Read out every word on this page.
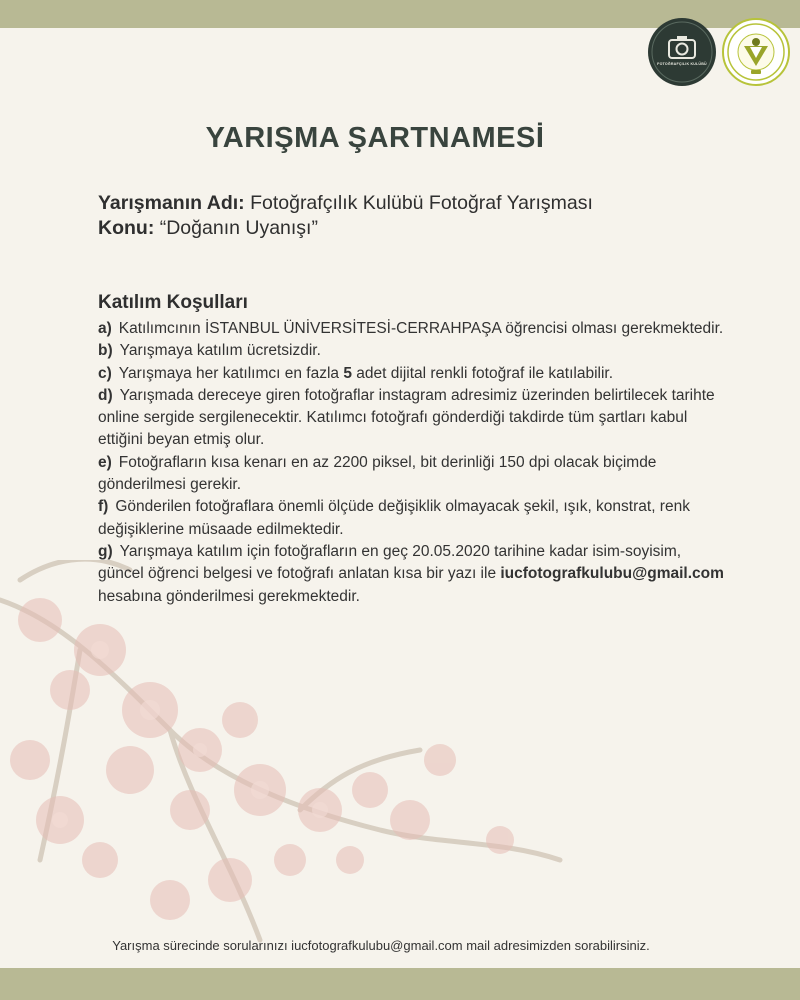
FOTOĞRAFÇILIK KULÜBÜ
YARIŞMA ŞARTNAMESİ
Yarışmanın Adı: Fotoğrafçılık Kulübü Fotoğraf Yarışması
Konu: “Doğanın Uyanışı”
Katılım Koşulları

a) Katılımcının İSTANBUL ÜNİVERSİTESİ-CERRAHPAŞA öğrencisi olması gerekmektedir.

b) Yarışmaya katılım ücretsizdir.

c) Yarışmaya her katılımcı en fazla 5 adet dijital renkli fotoğraf ile katılabilir.

d) Yarışmada dereceye giren fotoğraflar instagram adresimiz üzerinden belirtilecek tarihte online sergide sergilenecektir. Katılımcı fotoğrafı gönderdiği takdirde tüm şartları kabul ettiğini beyan etmiş olur.

e) Fotoğrafların kısa kenarı en az 2200 piksel, bit derinliği 150 dpi olacak biçimde gönderilmesi gerekir.

f) Gönderilen fotoğraflara önemli ölçüde değişiklik olmayacak şekil, ışık, konstrat, renk değişiklerine müsaade edilmektedir.

g) Yarışmaya katılım için fotoğrafların en geç 20.05.2020 tarihine kadar isim-soyisim, güncel öğrenci belgesi ve fotoğrafı anlatan kısa bir yazı ile iucfotografkulubu@gmail.com hesabına gönderilmesi gerekmektedir.

Yarışma sürecinde sorularınızı iucfotografkulubu@gmail.com mail adresimizden sorabilirsiniz.
